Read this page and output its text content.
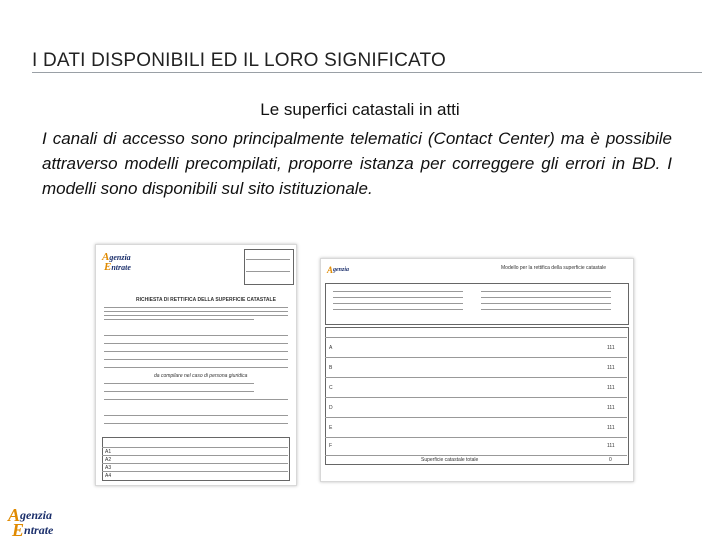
I DATI DISPONIBILI ED IL LORO SIGNIFICATO
Le superfici catastali in atti
I canali di accesso sono principalmente telematici (Contact Center) ma è possibile attraverso modelli precompilati, proporre istanza per correggere gli errori in BD. I modelli sono disponibili sul sito istituzionale.
A genzia
E ntrate
RICHIESTA DI RETTIFICA DELLA SUPERFICIE CATASTALE
da compilare nel caso di persona giuridica
A1
A2
A3
A4
A genzia	Modello per la rettifica della superficie catastale
A
B
C
D
E
F
111
111
111
111
111
111
Superficie catastale totale	0
A genzia
E ntrate
